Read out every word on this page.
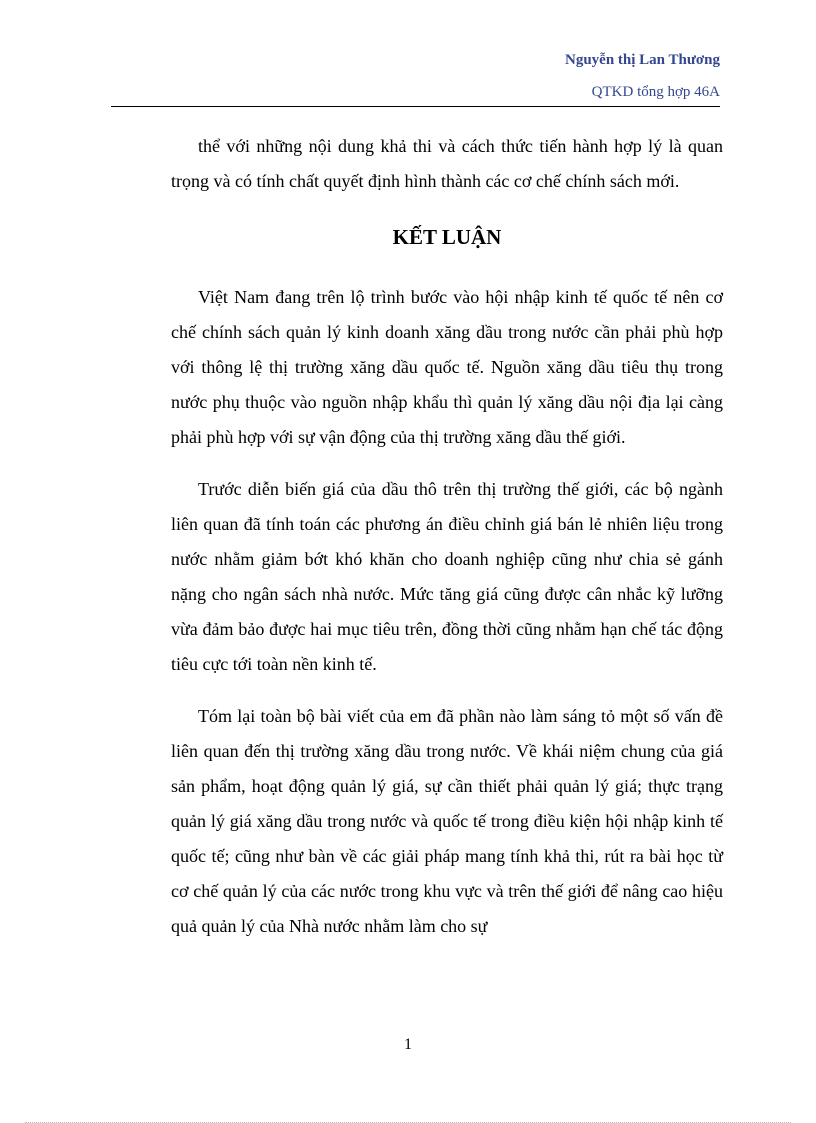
Nguyễn thị Lan Thương
QTKD tổng hợp 46A

thể với những nội dung khả thi và cách thức tiến hành hợp lý là quan trọng và có tính chất quyết định hình thành các cơ chế chính sách mới.

KẾT LUẬN

Việt Nam đang trên lộ trình bước vào hội nhập kinh tế quốc tế nên cơ chế chính sách quản lý kinh doanh xăng dầu trong nước cần phải phù hợp với thông lệ thị trường xăng dầu quốc tế. Nguồn xăng dầu tiêu thụ trong nước phụ thuộc vào nguồn nhập khẩu thì quản lý xăng dầu nội địa lại càng phải phù hợp với sự vận động của thị trường xăng dầu thế giới.

Trước diễn biến giá của dầu thô trên thị trường thế giới, các bộ ngành liên quan đã tính toán các phương án điều chỉnh giá bán lẻ nhiên liệu trong nước nhằm giảm bớt khó khăn cho doanh nghiệp cũng như chia sẻ gánh nặng cho ngân sách nhà nước. Mức tăng giá cũng được cân nhắc kỹ lưỡng vừa đảm bảo được hai mục tiêu trên, đồng thời cũng nhằm hạn chế tác động tiêu cực tới toàn nền kinh tế.

Tóm lại toàn bộ bài viết của em đã phần nào làm sáng tỏ một số vấn đề liên quan đến thị trường xăng dầu trong nước. Về khái niệm chung của giá sản phẩm, hoạt động quản lý giá, sự cần thiết phải quản lý giá; thực trạng quản lý giá xăng dầu trong nước và quốc tế trong điều kiện hội nhập kinh tế quốc tế; cũng như bàn về các giải pháp mang tính khả thi, rút ra bài học từ cơ chế quản lý của các nước trong khu vực và trên thế giới để nâng cao hiệu quả quản lý của Nhà nước nhằm làm cho sự

1
